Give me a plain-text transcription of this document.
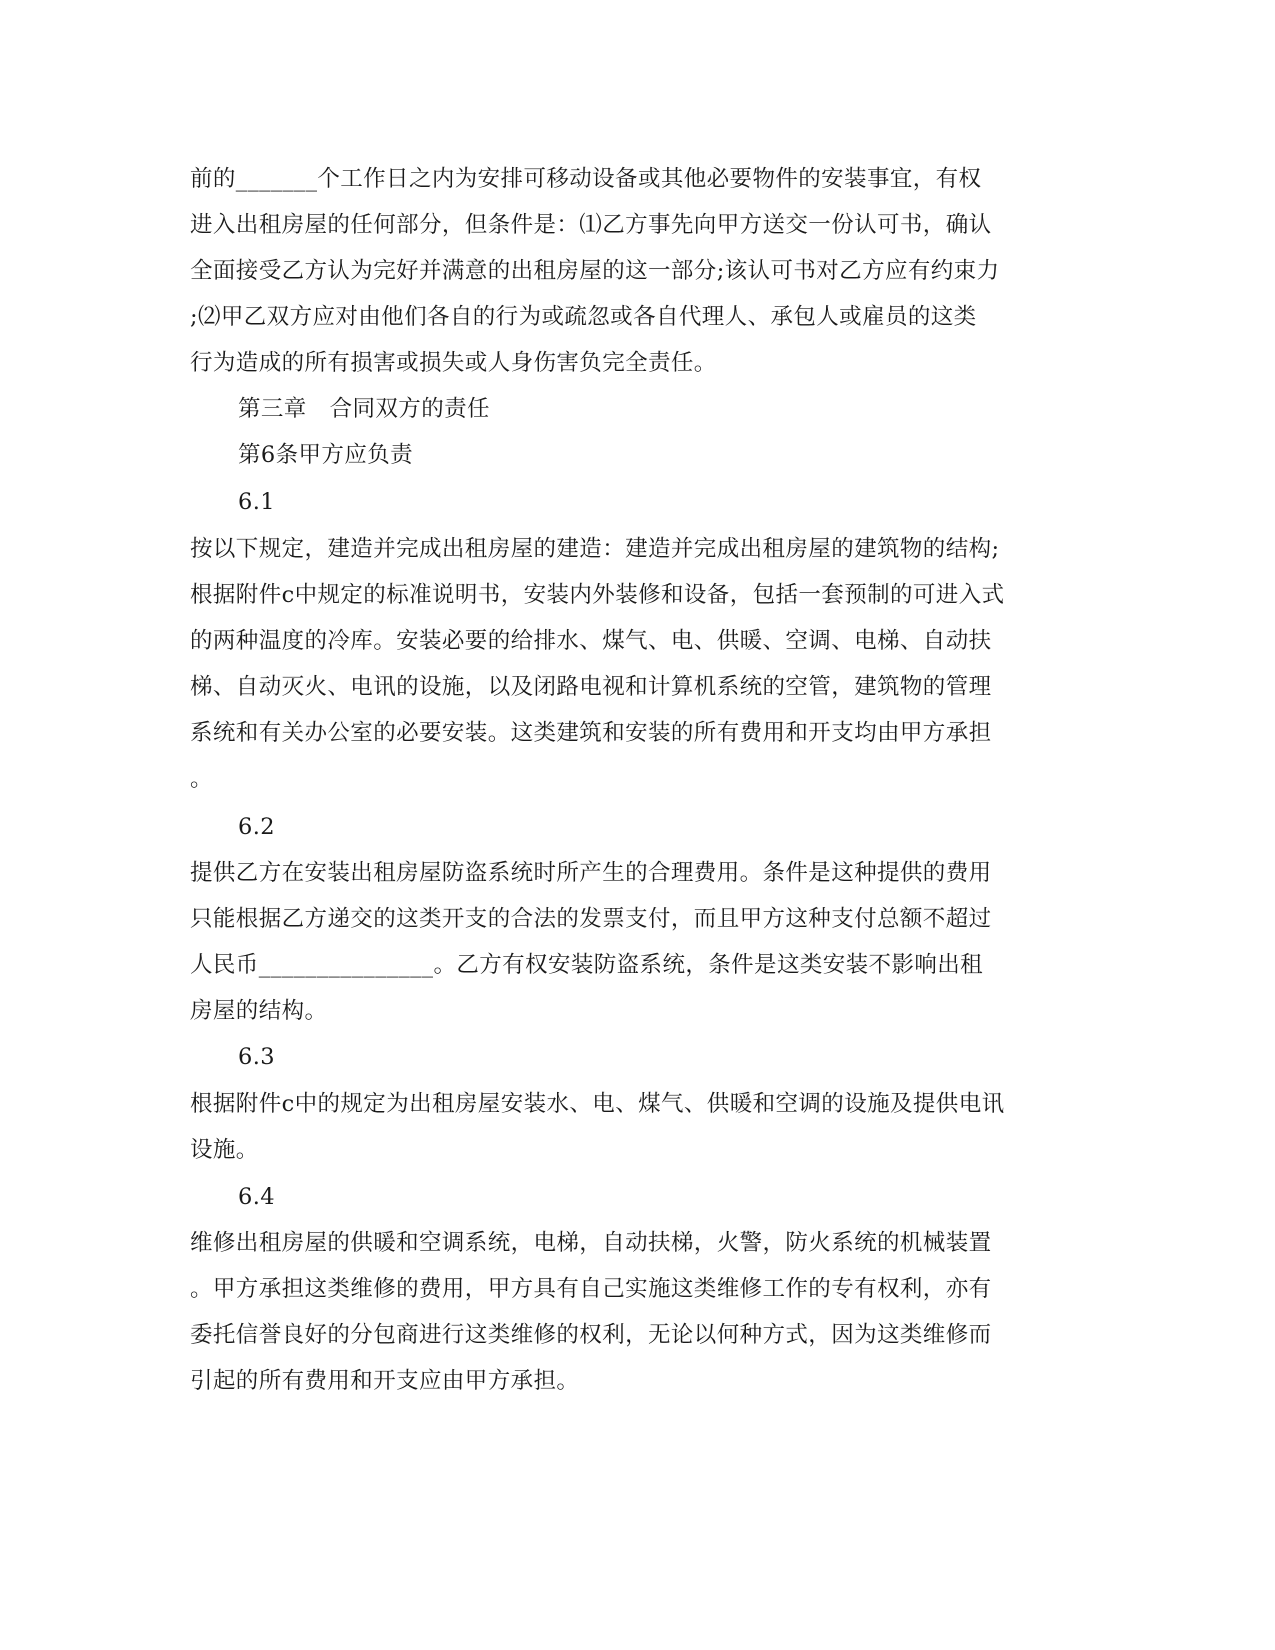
前的_______个工作日之内为安排可移动设备或其他必要物件的安装事宜，有权
进入出租房屋的任何部分，但条件是：⑴乙方事先向甲方送交一份认可书，确认
全面接受乙方认为完好并满意的出租房屋的这一部分;该认可书对乙方应有约束力
;⑵甲乙双方应对由他们各自的行为或疏忽或各自代理人、承包人或雇员的这类
行为造成的所有损害或损失或人身伤害负完全责任。
第三章　合同双方的责任
第6条甲方应负责
6.1
按以下规定，建造并完成出租房屋的建造：建造并完成出租房屋的建筑物的结构;
根据附件c中规定的标准说明书，安装内外装修和设备，包括一套预制的可进入式
的两种温度的冷库。安装必要的给排水、煤气、电、供暖、空调、电梯、自动扶
梯、自动灭火、电讯的设施，以及闭路电视和计算机系统的空管，建筑物的管理
系统和有关办公室的必要安装。这类建筑和安装的所有费用和开支均由甲方承担
。
6.2
提供乙方在安装出租房屋防盗系统时所产生的合理费用。条件是这种提供的费用
只能根据乙方递交的这类开支的合法的发票支付，而且甲方这种支付总额不超过
人民币_______________。乙方有权安装防盗系统，条件是这类安装不影响出租
房屋的结构。
6.3
根据附件c中的规定为出租房屋安装水、电、煤气、供暖和空调的设施及提供电讯
设施。
6.4
维修出租房屋的供暖和空调系统，电梯，自动扶梯，火警，防火系统的机械装置
。甲方承担这类维修的费用，甲方具有自己实施这类维修工作的专有权利，亦有
委托信誉良好的分包商进行这类维修的权利，无论以何种方式，因为这类维修而
引起的所有费用和开支应由甲方承担。
